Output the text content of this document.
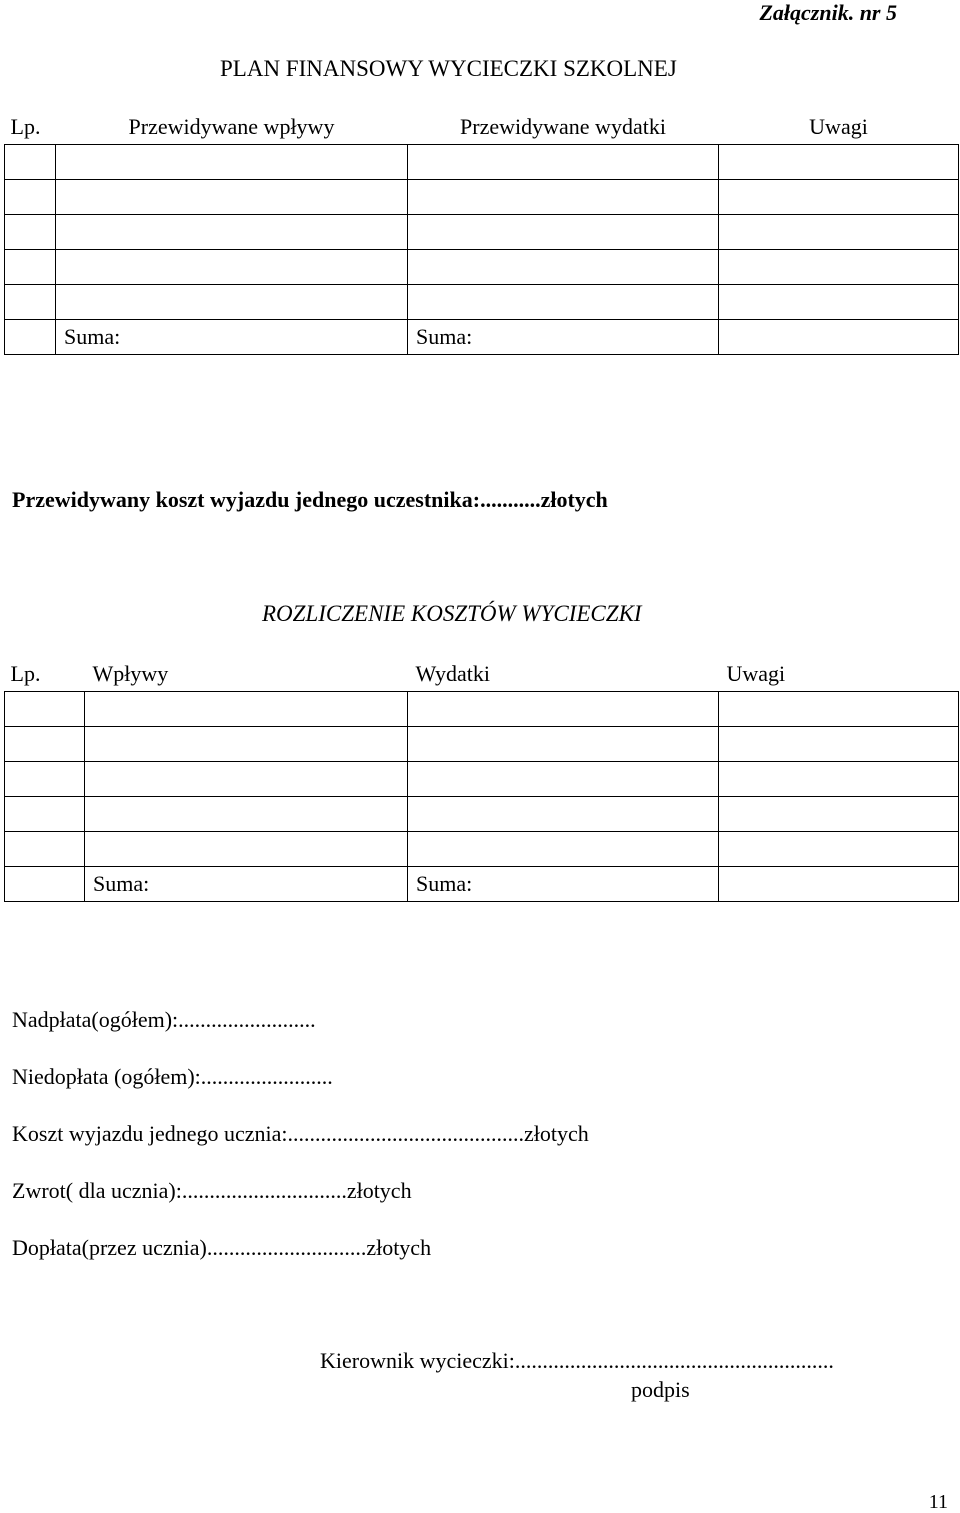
Załącznik. nr 5
PLAN FINANSOWY WYCIECZKI SZKOLNEJ
Lp.	Przewidywane wpływy	Przewidywane wydatki	Uwagi

	Suma:	Suma:	
Przewidywany koszt wyjazdu jednego uczestnika:...........złotych
ROZLICZENIE KOSZTÓW WYCIECZKI
Lp.	Wpływy	Wydatki	Uwagi

	Suma:	Suma:	
Nadpłata(ogółem):.........................
Niedopłata (ogółem):........................
Koszt wyjazdu jednego ucznia:...........................................złotych
Zwrot( dla ucznia):..............................złotych
Dopłata(przez ucznia).............................złotych
Kierownik wycieczki:..........................................................
podpis
11
